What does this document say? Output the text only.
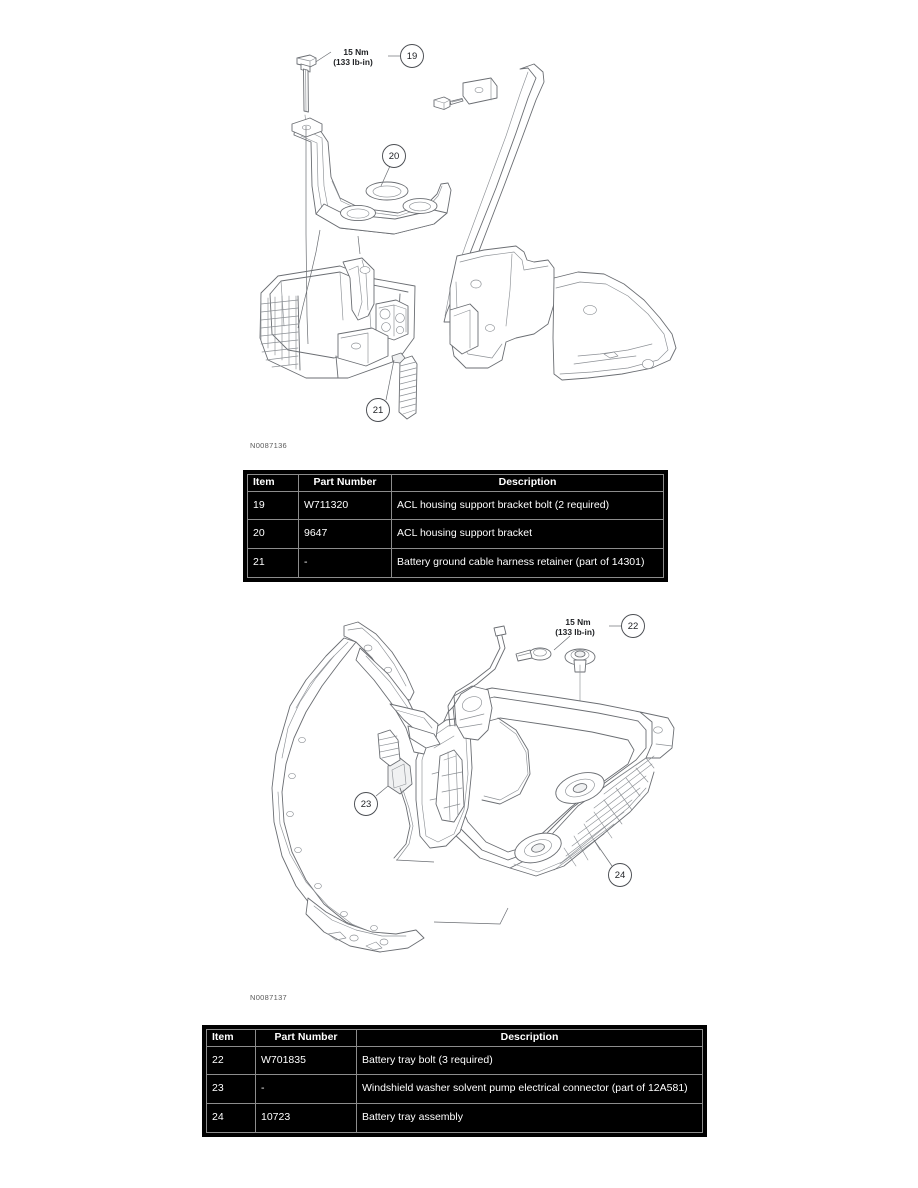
15 Nm
(133 lb-in)	19
20
21
N0087136
Item	Part Number	Description
19	W711320	ACL housing support bracket bolt (2 required)
20	9647	ACL housing support bracket
21	-	Battery ground cable harness retainer (part of 14301)
15 Nm
(133 lb-in)	22
24
23
N0087137
Item	Part Number	Description
22	W701835	Battery tray bolt (3 required)
23	-	Windshield washer solvent pump electrical connector (part of 12A581)
24	10723	Battery tray assembly
